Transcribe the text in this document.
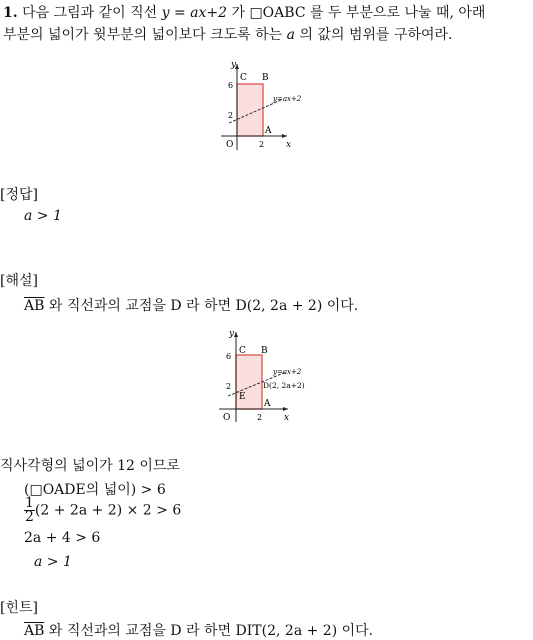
1. 다음 그림과 같이 직선 y = ax+2 가 □OABC 를 두 부분으로 나눌 때, 아래
부분의 넓이가 윗부분의 넓이보다 크도록 하는 a 의 값의 범위를 구하여라.
y
x
O
6
2
2
C B
A
y=ax+2
[정답]
a > 1
[해설]
$\overline{AB}$ 와 직선과의 교점을 D 라 하면 D(2, 2a + 2) 이다.
y
x
O
6
2
2
C B
A
E
D(2, 2a+2)
y=ax+2
직사각형의 넓이가 12 이므로
(□OADE의 넓이) > 6
$\frac{1}{2} (2 + 2a + 2) \times 2 > 6$
2a + 4 > 6
a > 1
[힌트]
$\overline{AB}$ 와 직선과의 교점을 D 라 하면 DIT(2, 2a + 2) 이다.
